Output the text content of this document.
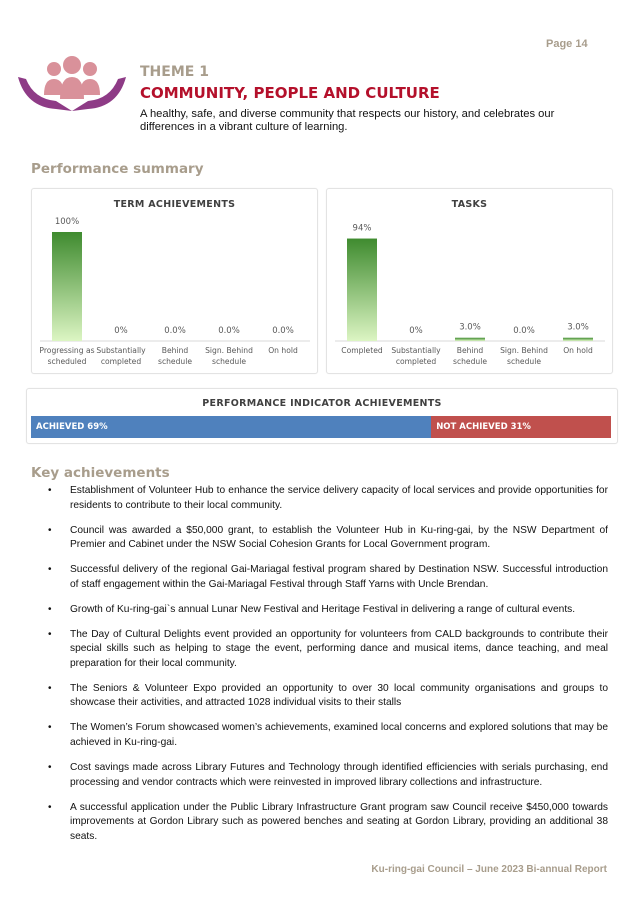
Page 14
THEME 1
COMMUNITY, PEOPLE AND CULTURE
A healthy, safe, and diverse community that respects our history, and celebrates our differences in a vibrant culture of learning.
Performance summary
TERM ACHIEVEMENTS
100%
Progressing as
scheduled
0%
Substantially
completed
0.0%
Behind
schedule
0.0%
Sign. Behind
schedule
0.0%
On hold
TASKS
94%
Completed
0%
Substantially
completed
3.0%
Behind
schedule
0.0%
Sign. Behind
schedule
3.0%
On hold
PERFORMANCE INDICATOR ACHIEVEMENTS
ACHIEVED 69%	NOT ACHIEVED 31%
Key achievements
• Establishment of Volunteer Hub to enhance the service delivery capacity of local services and provide opportunities for residents to contribute to their local community.
• Council was awarded a $50,000 grant, to establish the Volunteer Hub in Ku-ring-gai, by the NSW Department of Premier and Cabinet under the NSW Social Cohesion Grants for Local Government program.
• Successful delivery of the regional Gai-Mariagal festival program shared by Destination NSW. Successful introduction of staff engagement within the Gai-Mariagal Festival through Staff Yarns with Uncle Brendan.
• Growth of Ku-ring-gai`s annual Lunar New Festival and Heritage Festival in delivering a range of cultural events.
• The Day of Cultural Delights event provided an opportunity for volunteers from CALD backgrounds to contribute their special skills such as helping to stage the event, performing dance and musical items, dance teaching, and meal preparation for their local community.
• The Seniors & Volunteer Expo provided an opportunity to over 30 local community organisations and groups to showcase their activities, and attracted 1028 individual visits to their stalls
• The Women’s Forum showcased women’s achievements, examined local concerns and explored solutions that may be achieved in Ku-ring-gai.
• Cost savings made across Library Futures and Technology through identified efficiencies with serials purchasing, end processing and vendor contracts which were reinvested in improved library collections and infrastructure.
• A successful application under the Public Library Infrastructure Grant program saw Council receive $450,000 towards improvements at Gordon Library such as powered benches and seating at Gordon Library, providing an additional 38 seats.
Ku-ring-gai Council – June 2023 Bi-annual Report
